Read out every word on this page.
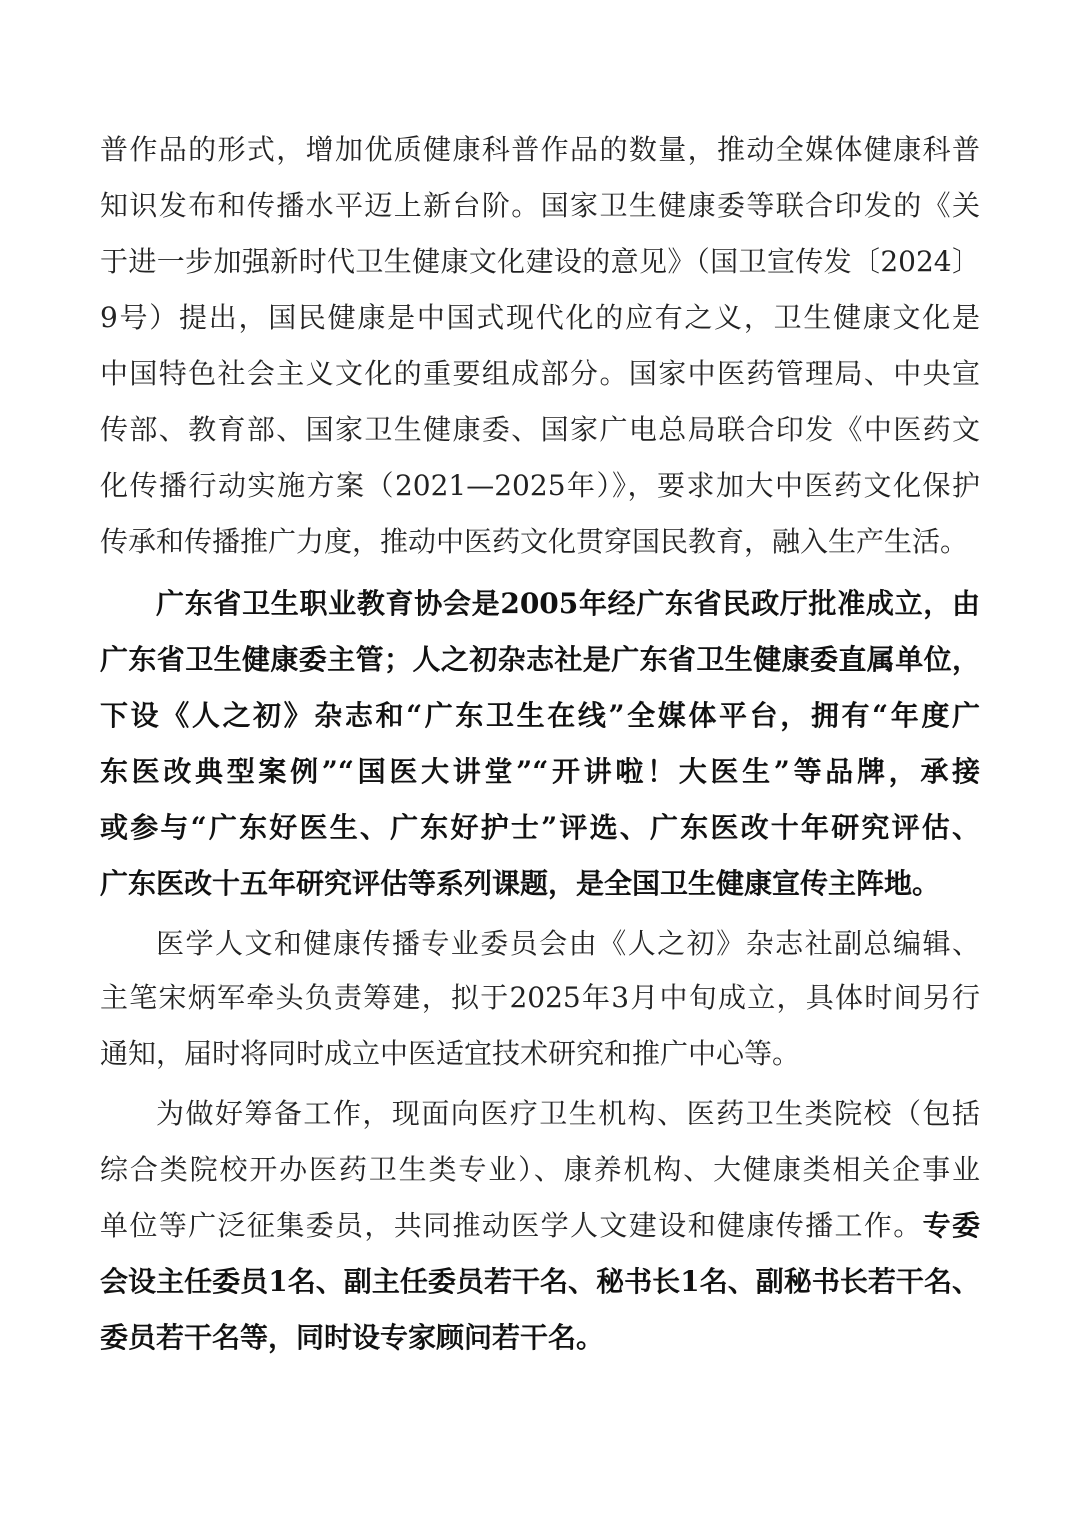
普作品的形式，增加优质健康科普作品的数量，推动全媒体健康科普
知识发布和传播水平迈上新台阶。国家卫生健康委等联合印发的《关
于进一步加强新时代卫生健康文化建设的意见》（国卫宣传发〔2024〕
9号）提出，国民健康是中国式现代化的应有之义，卫生健康文化是
中国特色社会主义文化的重要组成部分。国家中医药管理局、中央宣
传部、教育部、国家卫生健康委、国家广电总局联合印发《中医药文
化传播行动实施方案（2021—2025年）》，要求加大中医药文化保护
传承和传播推广力度，推动中医药文化贯穿国民教育，融入生产生活。
广东省卫生职业教育协会是2005年经广东省民政厅批准成立，由
广东省卫生健康委主管；人之初杂志社是广东省卫生健康委直属单位，
下设《人之初》杂志和“广东卫生在线”全媒体平台，拥有“年度广
东医改典型案例”“国医大讲堂”“开讲啦！大医生”等品牌，承接
或参与“广东好医生、广东好护士”评选、广东医改十年研究评估、
广东医改十五年研究评估等系列课题，是全国卫生健康宣传主阵地。
医学人文和健康传播专业委员会由《人之初》杂志社副总编辑、
主笔宋炳军牵头负责筹建，拟于2025年3月中旬成立，具体时间另行
通知，届时将同时成立中医适宜技术研究和推广中心等。
为做好筹备工作，现面向医疗卫生机构、医药卫生类院校（包括
综合类院校开办医药卫生类专业）、康养机构、大健康类相关企事业
单位等广泛征集委员，共同推动医学人文建设和健康传播工作。专委
会设主任委员1名、副主任委员若干名、秘书长1名、副秘书长若干名、
委员若干名等，同时设专家顾问若干名。
